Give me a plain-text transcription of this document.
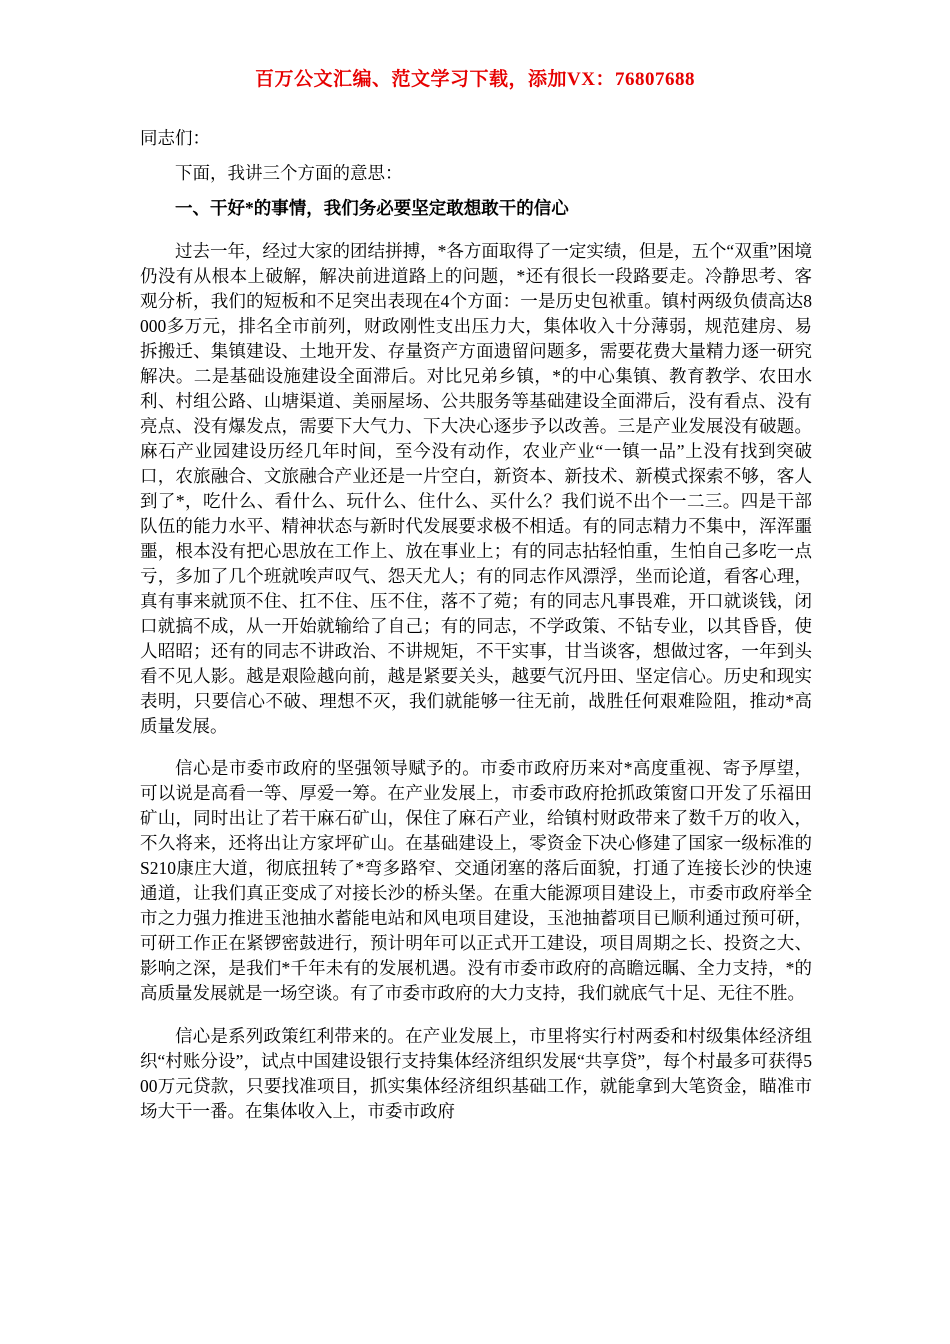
百万公文汇编、范文学习下载，添加VX：76807688

同志们：

下面，我讲三个方面的意思：

一、干好*的事情，我们务必要坚定敢想敢干的信心

过去一年，经过大家的团结拼搏，*各方面取得了一定实绩，但是，五个“双重”困境仍没有从根本上破解，解决前进道路上的问题，*还有很长一段路要走。冷静思考、客观分析，我们的短板和不足突出表现在4个方面：一是历史包袱重。镇村两级负债高达8000多万元，排名全市前列，财政刚性支出压力大，集体收入十分薄弱，规范建房、易拆搬迁、集镇建设、土地开发、存量资产方面遗留问题多，需要花费大量精力逐一研究解决。二是基础设施建设全面滞后。对比兄弟乡镇，*的中心集镇、教育教学、农田水利、村组公路、山塘渠道、美丽屋场、公共服务等基础建设全面滞后，没有看点、没有亮点、没有爆发点，需要下大气力、下大决心逐步予以改善。三是产业发展没有破题。麻石产业园建设历经几年时间，至今没有动作，农业产业“一镇一品”上没有找到突破口，农旅融合、文旅融合产业还是一片空白，新资本、新技术、新模式探索不够，客人到了*，吃什么、看什么、玩什么、住什么、买什么？我们说不出个一二三。四是干部队伍的能力水平、精神状态与新时代发展要求极不相适。有的同志精力不集中，浑浑噩噩，根本没有把心思放在工作上、放在事业上；有的同志拈轻怕重，生怕自己多吃一点亏，多加了几个班就唉声叹气、怨天尤人；有的同志作风漂浮，坐而论道，看客心理，真有事来就顶不住、扛不住、压不住，落不了菀；有的同志凡事畏难，开口就谈钱，闭口就搞不成，从一开始就输给了自己；有的同志，不学政策、不钻专业，以其昏昏，使人昭昭；还有的同志不讲政治、不讲规矩，不干实事，甘当谈客，想做过客，一年到头看不见人影。越是艰险越向前，越是紧要关头，越要气沉丹田、坚定信心。历史和现实表明，只要信心不破、理想不灭，我们就能够一往无前，战胜任何艰难险阻，推动*高质量发展。

信心是市委市政府的坚强领导赋予的。市委市政府历来对*高度重视、寄予厚望，可以说是高看一等、厚爱一筹。在产业发展上，市委市政府抢抓政策窗口开发了乐福田矿山，同时出让了若干麻石矿山，保住了麻石产业，给镇村财政带来了数千万的收入，不久将来，还将出让方家坪矿山。在基础建设上，零资金下决心修建了国家一级标准的S210康庄大道，彻底扭转了*弯多路窄、交通闭塞的落后面貌，打通了连接长沙的快速通道，让我们真正变成了对接长沙的桥头堡。在重大能源项目建设上，市委市政府举全市之力强力推进玉池抽水蓄能电站和风电项目建设，玉池抽蓄项目已顺利通过预可研，可研工作正在紧锣密鼓进行，预计明年可以正式开工建设，项目周期之长、投资之大、影响之深，是我们*千年未有的发展机遇。没有市委市政府的高瞻远瞩、全力支持，*的高质量发展就是一场空谈。有了市委市政府的大力支持，我们就底气十足、无往不胜。

信心是系列政策红利带来的。在产业发展上，市里将实行村两委和村级集体经济组织“村账分设”，试点中国建设银行支持集体经济组织发展“共享贷”，每个村最多可获得500万元贷款，只要找准项目，抓实集体经济组织基础工作，就能拿到大笔资金，瞄准市场大干一番。在集体收入上，市委市政府
